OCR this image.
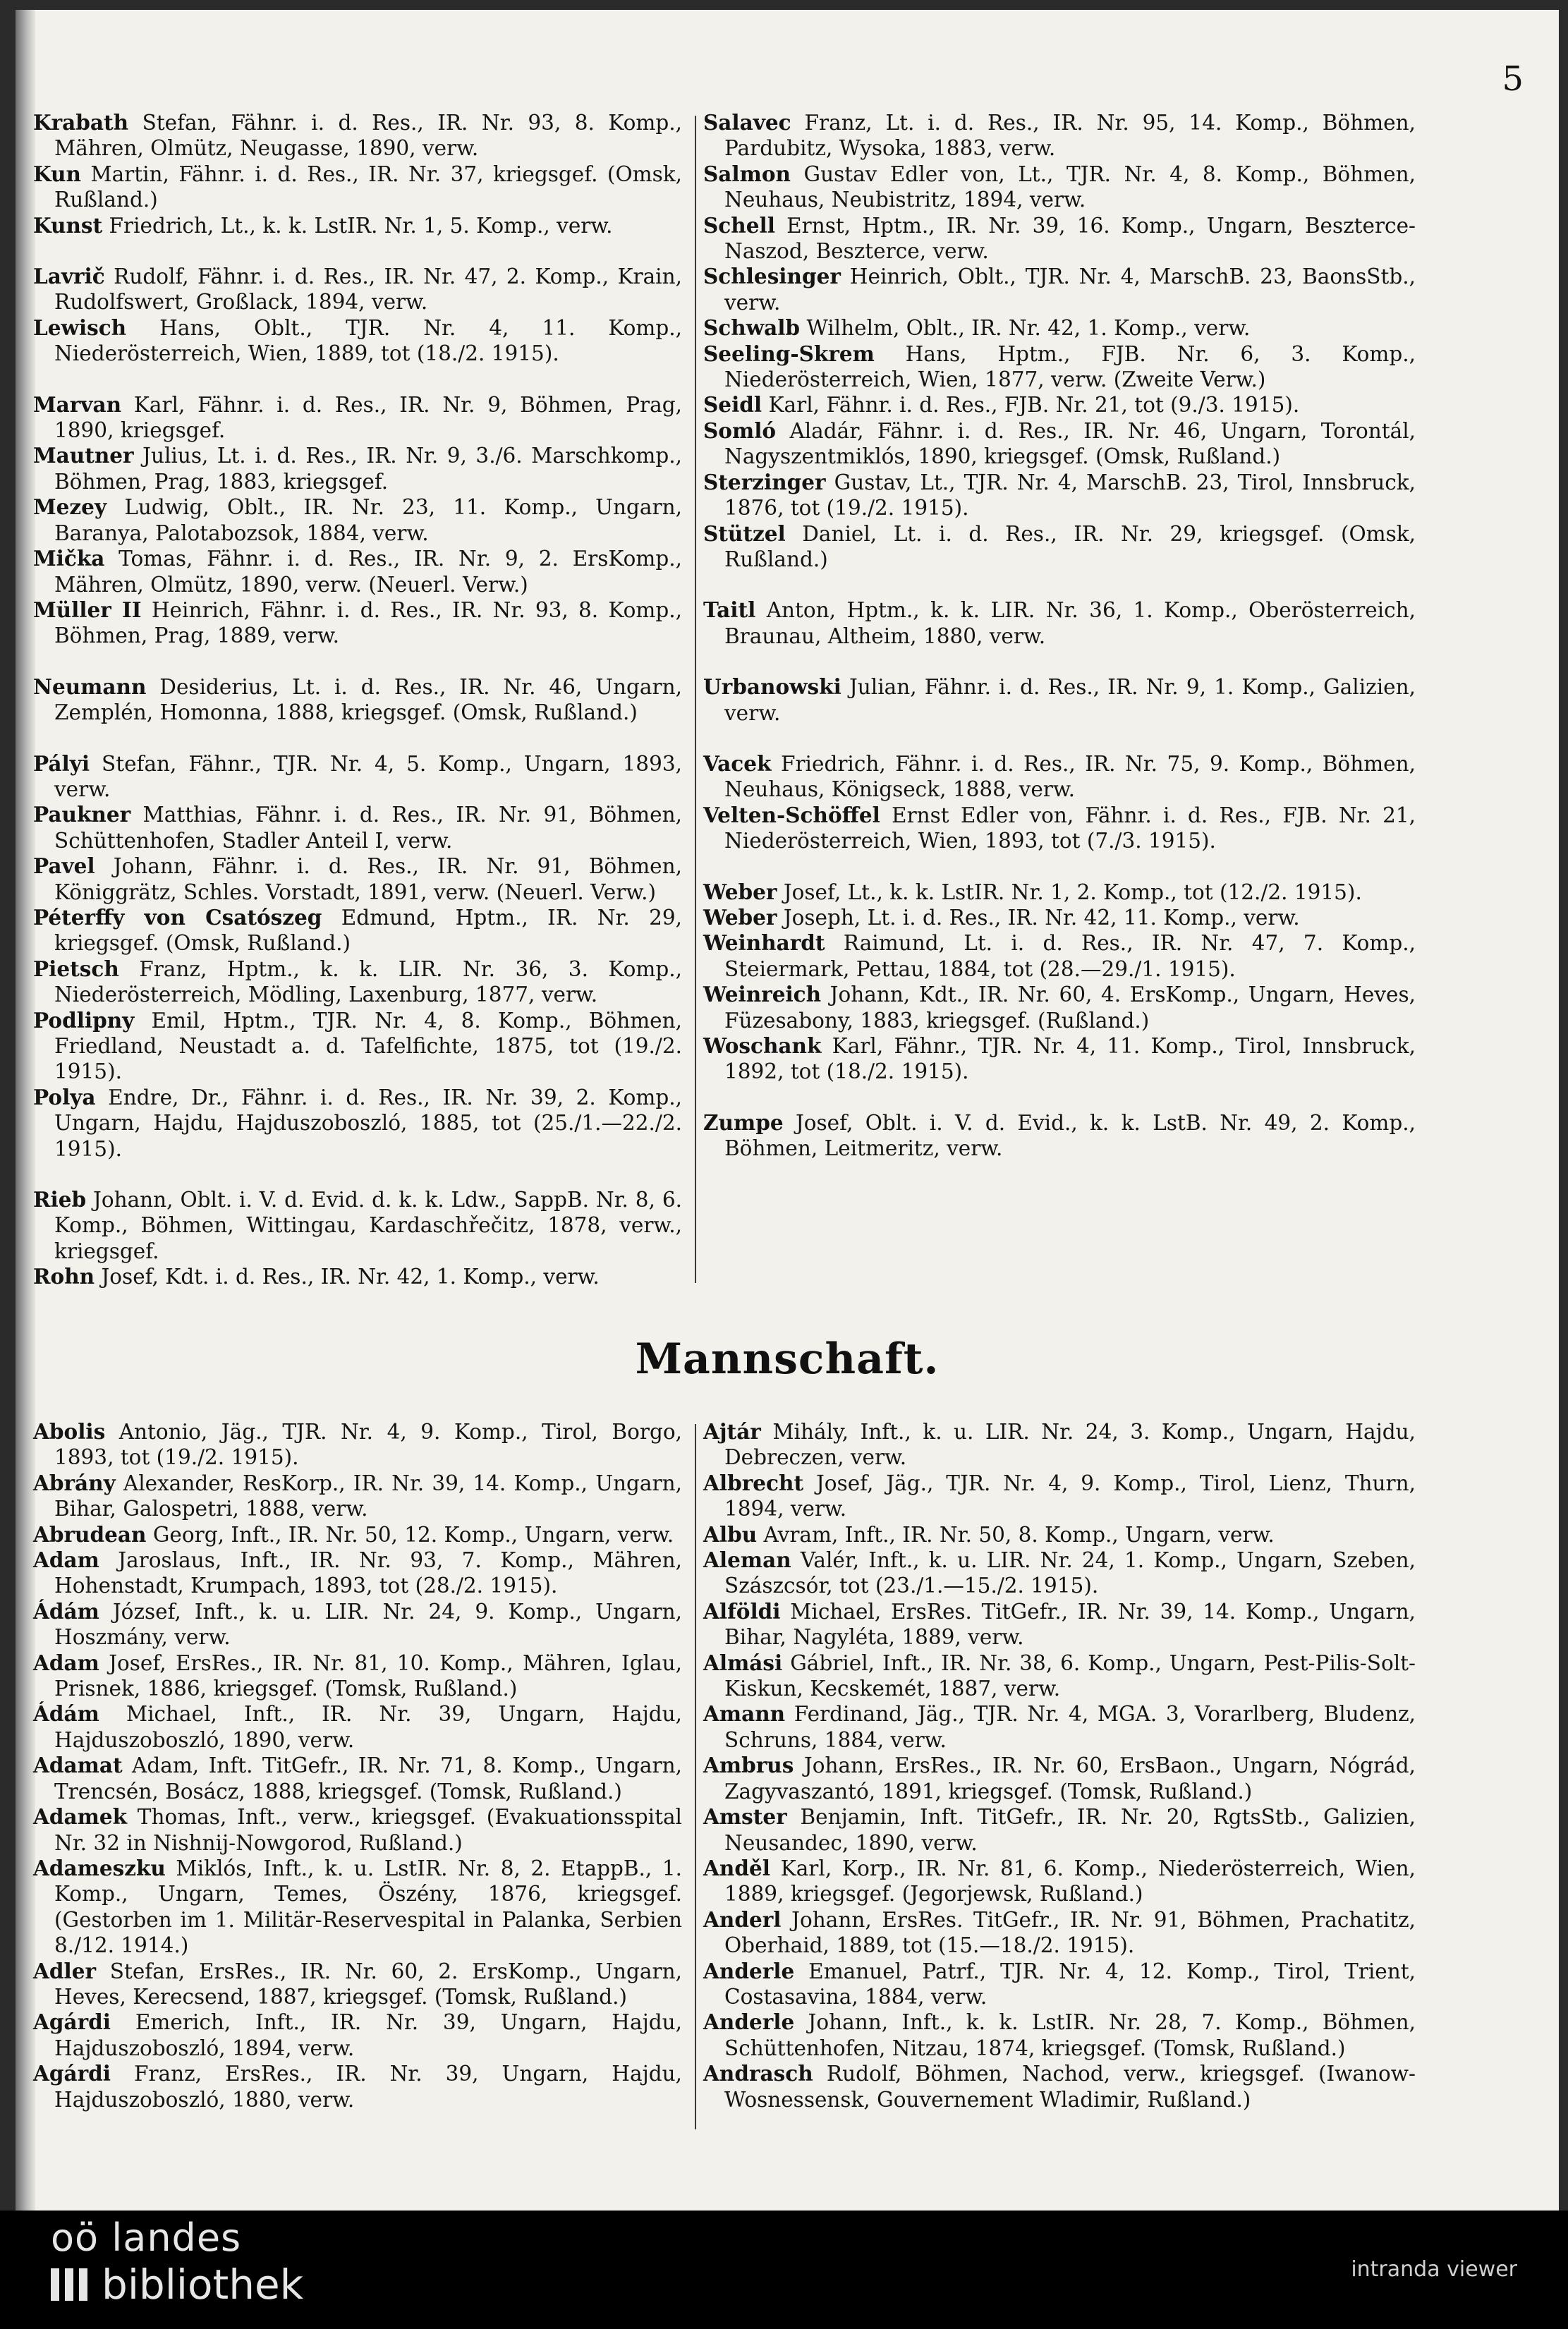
5
Krabath Stefan, Fähnr. i. d. Res., IR. Nr. 93, 8. Komp., Mähren, Olmütz, Neugasse, 1890, verw.
Kun Martin, Fähnr. i. d. Res., IR. Nr. 37, kriegsgef. (Omsk, Rußland.)
Kunst Friedrich, Lt., k. k. LstIR. Nr. 1, 5. Komp., verw.
Lavrič Rudolf, Fähnr. i. d. Res., IR. Nr. 47, 2. Komp., Krain, Rudolfswert, Großlack, 1894, verw.
Lewisch Hans, Oblt., TJR. Nr. 4, 11. Komp., Niederösterreich, Wien, 1889, tot (18./2. 1915).
Marvan Karl, Fähnr. i. d. Res., IR. Nr. 9, Böhmen, Prag, 1890, kriegsgef.
Mautner Julius, Lt. i. d. Res., IR. Nr. 9, 3./6. Marschkomp., Böhmen, Prag, 1883, kriegsgef.
Mezey Ludwig, Oblt., IR. Nr. 23, 11. Komp., Ungarn, Baranya, Palotabozsok, 1884, verw.
Mička Tomas, Fähnr. i. d. Res., IR. Nr. 9, 2. ErsKomp., Mähren, Olmütz, 1890, verw. (Neuerl. Verw.)
Müller II Heinrich, Fähnr. i. d. Res., IR. Nr. 93, 8. Komp., Böhmen, Prag, 1889, verw.
Neumann Desiderius, Lt. i. d. Res., IR. Nr. 46, Ungarn, Zemplén, Homonna, 1888, kriegsgef. (Omsk, Rußland.)
Pályi Stefan, Fähnr., TJR. Nr. 4, 5. Komp., Ungarn, 1893, verw.
Paukner Matthias, Fähnr. i. d. Res., IR. Nr. 91, Böhmen, Schüttenhofen, Stadler Anteil I, verw.
Pavel Johann, Fähnr. i. d. Res., IR. Nr. 91, Böhmen, Königgrätz, Schles. Vorstadt, 1891, verw. (Neuerl. Verw.)
Péterffy von Csatószeg Edmund, Hptm., IR. Nr. 29, kriegsgef. (Omsk, Rußland.)
Pietsch Franz, Hptm., k. k. LIR. Nr. 36, 3. Komp., Niederösterreich, Mödling, Laxenburg, 1877, verw.
Podlipny Emil, Hptm., TJR. Nr. 4, 8. Komp., Böhmen, Friedland, Neustadt a. d. Tafelfichte, 1875, tot (19./2. 1915).
Polya Endre, Dr., Fähnr. i. d. Res., IR. Nr. 39, 2. Komp., Ungarn, Hajdu, Hajduszoboszló, 1885, tot (25./1.—22./2. 1915).
Rieb Johann, Oblt. i. V. d. Evid. d. k. k. Ldw., SappB. Nr. 8, 6. Komp., Böhmen, Wittingau, Kardaschřečitz, 1878, verw., kriegsgef.
Rohn Josef, Kdt. i. d. Res., IR. Nr. 42, 1. Komp., verw.
Salavec Franz, Lt. i. d. Res., IR. Nr. 95, 14. Komp., Böhmen, Pardubitz, Wysoka, 1883, verw.
Salmon Gustav Edler von, Lt., TJR. Nr. 4, 8. Komp., Böhmen, Neuhaus, Neubistritz, 1894, verw.
Schell Ernst, Hptm., IR. Nr. 39, 16. Komp., Ungarn, Beszterce-Naszod, Beszterce, verw.
Schlesinger Heinrich, Oblt., TJR. Nr. 4, MarschB. 23, BaonsStb., verw.
Schwalb Wilhelm, Oblt., IR. Nr. 42, 1. Komp., verw.
Seeling-Skrem Hans, Hptm., FJB. Nr. 6, 3. Komp., Niederösterreich, Wien, 1877, verw. (Zweite Verw.)
Seidl Karl, Fähnr. i. d. Res., FJB. Nr. 21, tot (9./3. 1915).
Somló Aladár, Fähnr. i. d. Res., IR. Nr. 46, Ungarn, Torontál, Nagyszentmiklós, 1890, kriegsgef. (Omsk, Rußland.)
Sterzinger Gustav, Lt., TJR. Nr. 4, MarschB. 23, Tirol, Innsbruck, 1876, tot (19./2. 1915).
Stützel Daniel, Lt. i. d. Res., IR. Nr. 29, kriegsgef. (Omsk, Rußland.)
Taitl Anton, Hptm., k. k. LIR. Nr. 36, 1. Komp., Oberösterreich, Braunau, Altheim, 1880, verw.
Urbanowski Julian, Fähnr. i. d. Res., IR. Nr. 9, 1. Komp., Galizien, verw.
Vacek Friedrich, Fähnr. i. d. Res., IR. Nr. 75, 9. Komp., Böhmen, Neuhaus, Königseck, 1888, verw.
Velten-Schöffel Ernst Edler von, Fähnr. i. d. Res., FJB. Nr. 21, Niederösterreich, Wien, 1893, tot (7./3. 1915).
Weber Josef, Lt., k. k. LstIR. Nr. 1, 2. Komp., tot (12./2. 1915).
Weber Joseph, Lt. i. d. Res., IR. Nr. 42, 11. Komp., verw.
Weinhardt Raimund, Lt. i. d. Res., IR. Nr. 47, 7. Komp., Steiermark, Pettau, 1884, tot (28.—29./1. 1915).
Weinreich Johann, Kdt., IR. Nr. 60, 4. ErsKomp., Ungarn, Heves, Füzesabony, 1883, kriegsgef. (Rußland.)
Woschank Karl, Fähnr., TJR. Nr. 4, 11. Komp., Tirol, Innsbruck, 1892, tot (18./2. 1915).
Zumpe Josef, Oblt. i. V. d. Evid., k. k. LstB. Nr. 49, 2. Komp., Böhmen, Leitmeritz, verw.
Mannschaft.
Abolis Antonio, Jäg., TJR. Nr. 4, 9. Komp., Tirol, Borgo, 1893, tot (19./2. 1915).
Abrány Alexander, ResKorp., IR. Nr. 39, 14. Komp., Ungarn, Bihar, Galospetri, 1888, verw.
Abrudean Georg, Inft., IR. Nr. 50, 12. Komp., Ungarn, verw.
Adam Jaroslaus, Inft., IR. Nr. 93, 7. Komp., Mähren, Hohenstadt, Krumpach, 1893, tot (28./2. 1915).
Ádám József, Inft., k. u. LIR. Nr. 24, 9. Komp., Ungarn, Hoszmány, verw.
Adam Josef, ErsRes., IR. Nr. 81, 10. Komp., Mähren, Iglau, Prisnek, 1886, kriegsgef. (Tomsk, Rußland.)
Ádám Michael, Inft., IR. Nr. 39, Ungarn, Hajdu, Hajduszoboszló, 1890, verw.
Adamat Adam, Inft. TitGefr., IR. Nr. 71, 8. Komp., Ungarn, Trencsén, Bosácz, 1888, kriegsgef. (Tomsk, Rußland.)
Adamek Thomas, Inft., verw., kriegsgef. (Evakuationsspital Nr. 32 in Nishnij-Nowgorod, Rußland.)
Adameszku Miklós, Inft., k. u. LstIR. Nr. 8, 2. EtappB., 1. Komp., Ungarn, Temes, Öszény, 1876, kriegsgef. (Gestorben im 1. Militär-Reservespital in Palanka, Serbien 8./12. 1914.)
Adler Stefan, ErsRes., IR. Nr. 60, 2. ErsKomp., Ungarn, Heves, Kerecsend, 1887, kriegsgef. (Tomsk, Rußland.)
Agárdi Emerich, Inft., IR. Nr. 39, Ungarn, Hajdu, Hajduszoboszló, 1894, verw.
Agárdi Franz, ErsRes., IR. Nr. 39, Ungarn, Hajdu, Hajduszoboszló, 1880, verw.
Ajtár Mihály, Inft., k. u. LIR. Nr. 24, 3. Komp., Ungarn, Hajdu, Debreczen, verw.
Albrecht Josef, Jäg., TJR. Nr. 4, 9. Komp., Tirol, Lienz, Thurn, 1894, verw.
Albu Avram, Inft., IR. Nr. 50, 8. Komp., Ungarn, verw.
Aleman Valér, Inft., k. u. LIR. Nr. 24, 1. Komp., Ungarn, Szeben, Szászcsór, tot (23./1.—15./2. 1915).
Alföldi Michael, ErsRes. TitGefr., IR. Nr. 39, 14. Komp., Ungarn, Bihar, Nagyléta, 1889, verw.
Almási Gábriel, Inft., IR. Nr. 38, 6. Komp., Ungarn, Pest-Pilis-Solt-Kiskun, Kecskemét, 1887, verw.
Amann Ferdinand, Jäg., TJR. Nr. 4, MGA. 3, Vorarlberg, Bludenz, Schruns, 1884, verw.
Ambrus Johann, ErsRes., IR. Nr. 60, ErsBaon., Ungarn, Nógrád, Zagyvaszantó, 1891, kriegsgef. (Tomsk, Rußland.)
Amster Benjamin, Inft. TitGefr., IR. Nr. 20, RgtsStb., Galizien, Neusandec, 1890, verw.
Anděl Karl, Korp., IR. Nr. 81, 6. Komp., Niederösterreich, Wien, 1889, kriegsgef. (Jegorjewsk, Rußland.)
Anderl Johann, ErsRes. TitGefr., IR. Nr. 91, Böhmen, Prachatitz, Oberhaid, 1889, tot (15.—18./2. 1915).
Anderle Emanuel, Patrf., TJR. Nr. 4, 12. Komp., Tirol, Trient, Costasavina, 1884, verw.
Anderle Johann, Inft., k. k. LstIR. Nr. 28, 7. Komp., Böhmen, Schüttenhofen, Nitzau, 1874, kriegsgef. (Tomsk, Rußland.)
Andrasch Rudolf, Böhmen, Nachod, verw., kriegsgef. (Iwanow-Wosnessensk, Gouvernement Wladimir, Rußland.)
oö landes
bibliothek	intranda viewer
